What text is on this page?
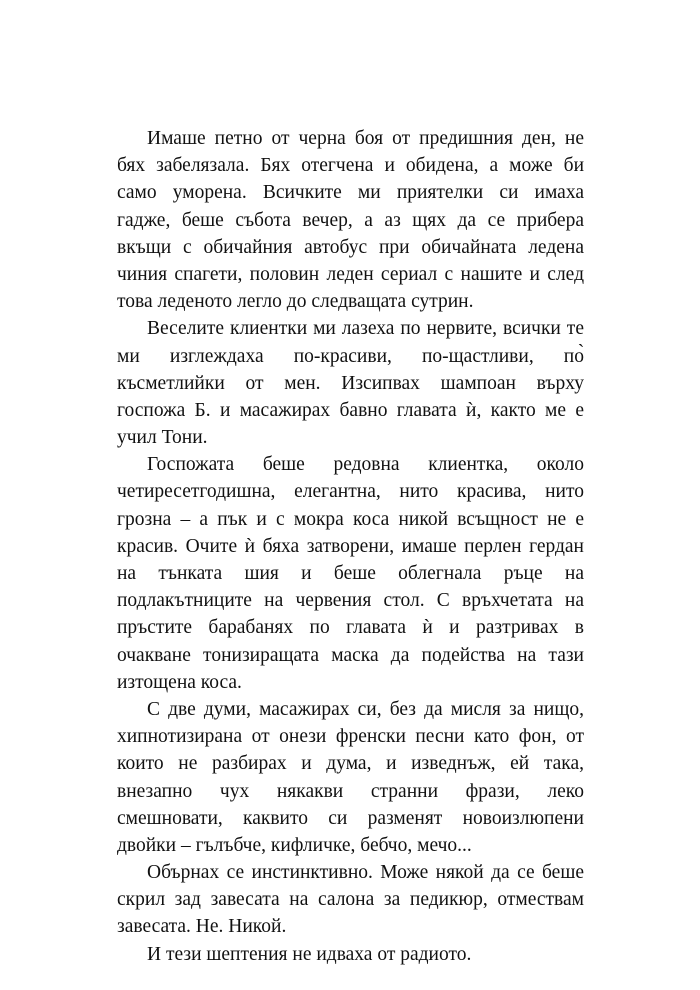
Имаше петно от черна боя от предишния ден, не
бях забелязала. Бях отегчена и обидена, а може би
само уморена. Всичките ми приятелки си имаха
гадже, беше събота вечер, а аз щях да се прибера
вкъщи с обичайния автобус при обичайната ледена
чиния спагети, половин леден сериал с нашите и след
това леденото легло до следващата сутрин.
Веселите клиентки ми лазеха по нервите, всички те
ми изглеждаха по-красиви, по-щастливи, по̀
късметлийки от мен. Изсипвах шампоан върху
госпожа Б. и масажирах бавно главата ѝ, както ме е
учил Тони.
Госпожата беше редовна клиентка, около
четиресетгодишна, елегантна, нито красива, нито
грозна – а пък и с мокра коса никой всъщност не е
красив. Очите ѝ бяха затворени, имаше перлен гердан
на тънката шия и беше облегнала ръце на
подлакътниците на червения стол. С връхчетата на
пръстите барабанях по главата ѝ и разтривах в
очакване тонизиращата маска да подейства на тази
изтощена коса.
С две думи, масажирах си, без да мисля за нищо,
хипнотизирана от онези френски песни като фон, от
които не разбирах и дума, и изведнъж, ей така,
внезапно чух някакви странни фрази, леко
смешновати, каквито си разменят новоизлюпени
двойки – гълъбче, кифличке, бебчо, мечо...
Обърнах се инстинктивно. Може някой да се беше
скрил зад завесата на салона за педикюр, отмествам
завесата. Не. Никой.
И тези шептения не идваха от радиото.
